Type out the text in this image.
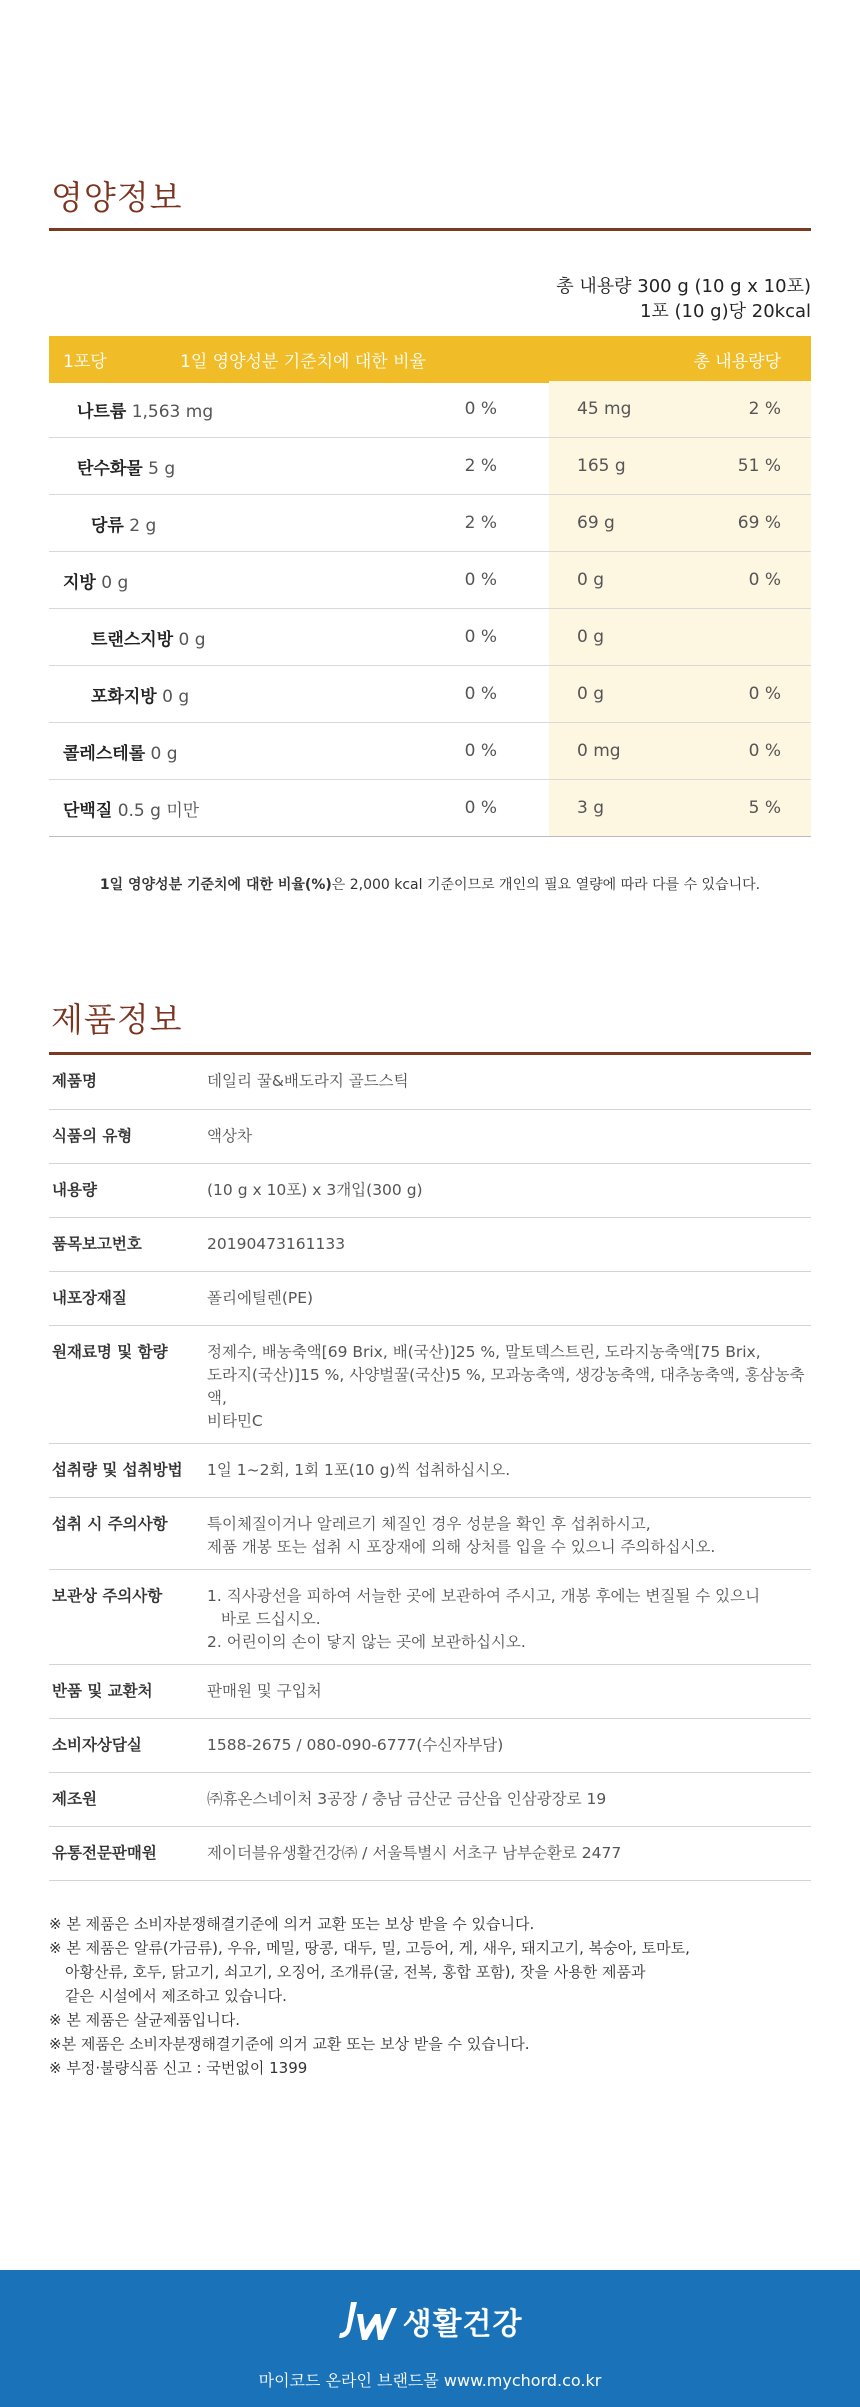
영양정보
총 내용량 300 g (10 g x 10포)
1포 (10 g)당 20kcal
1포당	1일 영양성분 기준치에 대한 비율		총 내용량당
나트륨 1,563 mg 0 %		45 mg	2 %
탄수화물 5 g 2 %		165 g	51 %
당류 2 g 2 %		69 g	69 %
지방 0 g 0 %		0 g	0 %
트랜스지방 0 g 0 %		0 g	
포화지방 0 g 0 %		0 g	0 %
콜레스테롤 0 g 0 %		0 mg	0 %
단백질 0.5 g 미만 0 %		3 g	5 %
1일 영양성분 기준치에 대한 비율(%)은 2,000 kcal 기준이므로 개인의 필요 열량에 따라 다를 수 있습니다.
제품정보
제품명	데일리 꿀&배도라지 골드스틱

식품의 유형	액상차

내용량	(10 g x 10포) x 3개입(300 g)

품목보고번호	20190473161133

내포장재질	폴리에틸렌(PE)

원재료명 및 함량	정제수, 배농축액[69 Brix, 배(국산)]25 %, 말토덱스트린, 도라지농축액[75 Brix,
도라지(국산)]15 %, 사양벌꿀(국산)5 %, 모과농축액, 생강농축액, 대추농축액, 홍삼농축액,
비타민C

섭취량 및 섭취방법	1일 1~2회, 1회 1포(10 g)씩 섭취하십시오.

섭취 시 주의사항	특이체질이거나 알레르기 체질인 경우 성분을 확인 후 섭취하시고,
제품 개봉 또는 섭취 시 포장재에 의해 상처를 입을 수 있으니 주의하십시오.

보관상 주의사항	1. 직사광선을 피하여 서늘한 곳에 보관하여 주시고, 개봉 후에는 변질될 수 있으니
바로 드십시오.
2. 어린이의 손이 닿지 않는 곳에 보관하십시오.

반품 및 교환처	판매원 및 구입처

소비자상담실	1588-2675 / 080-090-6777(수신자부담)

제조원	㈜휴온스네이처 3공장 / 충남 금산군 금산읍 인삼광장로 19

유통전문판매원	제이더블유생활건강㈜ / 서울특별시 서초구 남부순환로 2477
※ 본 제품은 소비자분쟁해결기준에 의거 교환 또는 보상 받을 수 있습니다.
※ 본 제품은 알류(가금류), 우유, 메밀, 땅콩, 대두, 밀, 고등어, 게, 새우, 돼지고기, 복숭아, 토마토,
아황산류, 호두, 닭고기, 쇠고기, 오징어, 조개류(굴, 전복, 홍합 포함), 잣을 사용한 제품과
같은 시설에서 제조하고 있습니다.
※ 본 제품은 살균제품입니다.
※본 제품은 소비자분쟁해결기준에 의거 교환 또는 보상 받을 수 있습니다.
※ 부정·불량식품 신고 : 국번없이 1399
생활건강
마이코드 온라인 브랜드몰 www.mychord.co.kr
